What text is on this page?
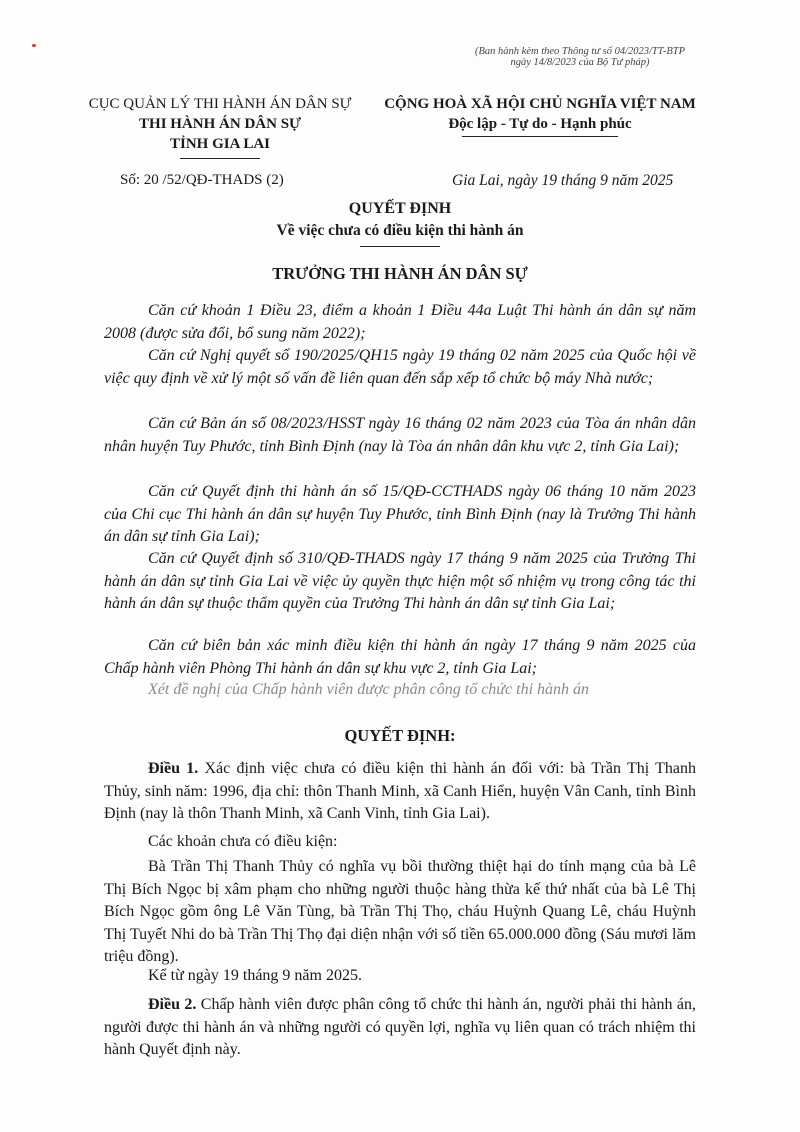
(Ban hành kèm theo Thông tư số 04/2023/TT-BTP
ngày 14/8/2023 của Bộ Tư pháp)
CỤC QUẢN LÝ THI HÀNH ÁN DÂN SỰ
THI HÀNH ÁN DÂN SỰ
TỈNH GIA LAI
CỘNG HOÀ XÃ HỘI CHỦ NGHĨA VIỆT NAM
Độc lập - Tự do - Hạnh phúc
Số: 20 /52/QĐ-THADS (2)	Gia Lai, ngày 19 tháng 9 năm 2025
QUYẾT ĐỊNH
Về việc chưa có điều kiện thi hành án
TRƯỞNG THI HÀNH ÁN DÂN SỰ
Căn cứ khoản 1 Điều 23, điểm a khoản 1 Điều 44a Luật Thi hành án dân sự năm 2008 (được sửa đổi, bổ sung năm 2022);
Căn cứ Nghị quyết số 190/2025/QH15 ngày 19 tháng 02 năm 2025 của Quốc hội về việc quy định về xử lý một số vấn đề liên quan đến sắp xếp tổ chức bộ máy Nhà nước;
Căn cứ Bản án số 08/2023/HSST ngày 16 tháng 02 năm 2023 của Tòa án nhân dân nhân huyện Tuy Phước, tỉnh Bình Định (nay là Tòa án nhân dân khu vực 2, tỉnh Gia Lai);
Căn cứ Quyết định thi hành án số 15/QĐ-CCTHADS ngày 06 tháng 10 năm 2023 của Chi cục Thi hành án dân sự huyện Tuy Phước, tỉnh Bình Định (nay là Trưởng Thi hành án dân sự tỉnh Gia Lai);
Căn cứ Quyết định số 310/QĐ-THADS ngày 17 tháng 9 năm 2025 của Trưởng Thi hành án dân sự tỉnh Gia Lai về việc ủy quyền thực hiện một số nhiệm vụ trong công tác thi hành án dân sự thuộc thẩm quyền của Trưởng Thi hành án dân sự tỉnh Gia Lai;
Căn cứ biên bản xác minh điều kiện thi hành án ngày 17 tháng 9 năm 2025 của Chấp hành viên Phòng Thi hành án dân sự khu vực 2, tỉnh Gia Lai;
Xét đề nghị của Chấp hành viên được phân công tổ chức thi hành án
QUYẾT ĐỊNH:
Điều 1. Xác định việc chưa có điều kiện thi hành án đối với: bà Trần Thị Thanh Thủy, sinh năm: 1996, địa chỉ: thôn Thanh Minh, xã Canh Hiển, huyện Vân Canh, tỉnh Bình Định (nay là thôn Thanh Minh, xã Canh Vinh, tỉnh Gia Lai).
Các khoản chưa có điều kiện:
Bà Trần Thị Thanh Thủy có nghĩa vụ bồi thường thiệt hại do tính mạng của bà Lê Thị Bích Ngọc bị xâm phạm cho những người thuộc hàng thừa kế thứ nhất của bà Lê Thị Bích Ngọc gồm ông Lê Văn Tùng, bà Trần Thị Thọ, cháu Huỳnh Quang Lê, cháu Huỳnh Thị Tuyết Nhi do bà Trần Thị Thọ đại diện nhận với số tiền 65.000.000 đồng (Sáu mươi lăm triệu đồng).
Kể từ ngày 19 tháng 9 năm 2025.
Điều 2. Chấp hành viên được phân công tổ chức thi hành án, người phải thi hành án, người được thi hành án và những người có quyền lợi, nghĩa vụ liên quan có trách nhiệm thi hành Quyết định này.
